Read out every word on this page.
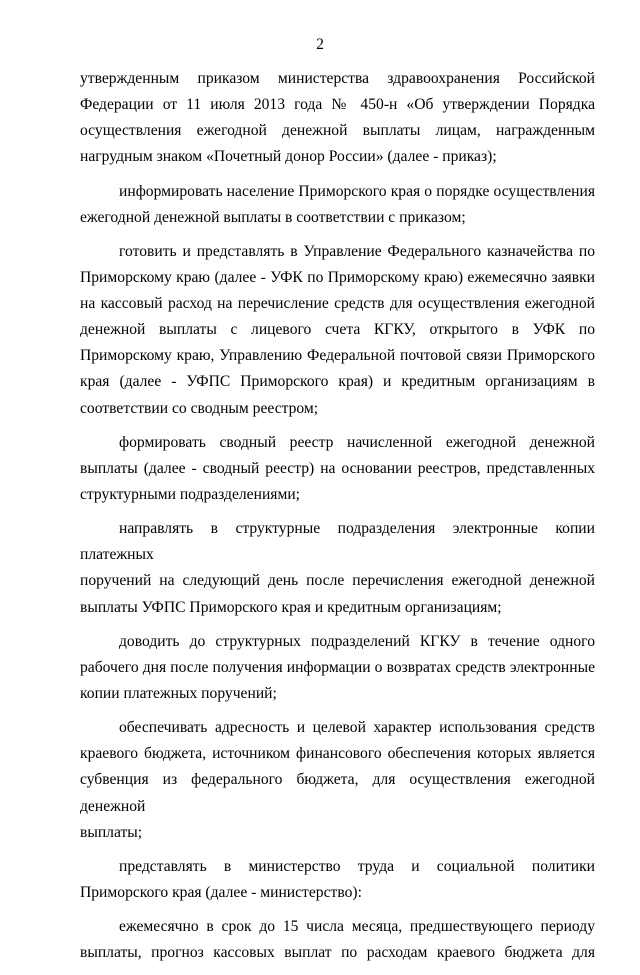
2
утвержденным приказом министерства здравоохранения Российской
Федерации от 11 июля 2013 года № 450-н «Об утверждении Порядка
осуществления ежегодной денежной выплаты лицам, награжденным
нагрудным знаком «Почетный донор России» (далее - приказ);
информировать население Приморского края о порядке осуществления
ежегодной денежной выплаты в соответствии с приказом;
готовить и представлять в Управление Федерального казначейства по
Приморскому краю (далее - УФК по Приморскому краю) ежемесячно заявки
на кассовый расход на перечисление средств для осуществления ежегодной
денежной выплаты с лицевого счета КГКУ, открытого в УФК по
Приморскому краю, Управлению Федеральной почтовой связи Приморского
края (далее - УФПС Приморского края) и кредитным организациям в
соответствии со сводным реестром;
формировать сводный реестр начисленной ежегодной денежной
выплаты (далее - сводный реестр) на основании реестров, представленных
структурными подразделениями;
направлять в структурные подразделения электронные копии платежных
поручений на следующий день после перечисления ежегодной денежной
выплаты УФПС Приморского края и кредитным организациям;
доводить до структурных подразделений КГКУ в течение одного
рабочего дня после получения информации о возвратах средств электронные
копии платежных поручений;
обеспечивать адресность и целевой характер использования средств
краевого бюджета, источником финансового обеспечения которых является
субвенция из федерального бюджета, для осуществления ежегодной денежной
выплаты;
представлять в министерство труда и социальной политики
Приморского края (далее - министерство):
ежемесячно в срок до 15 числа месяца, предшествующего периоду
выплаты, прогноз кассовых выплат по расходам краевого бюджета для
